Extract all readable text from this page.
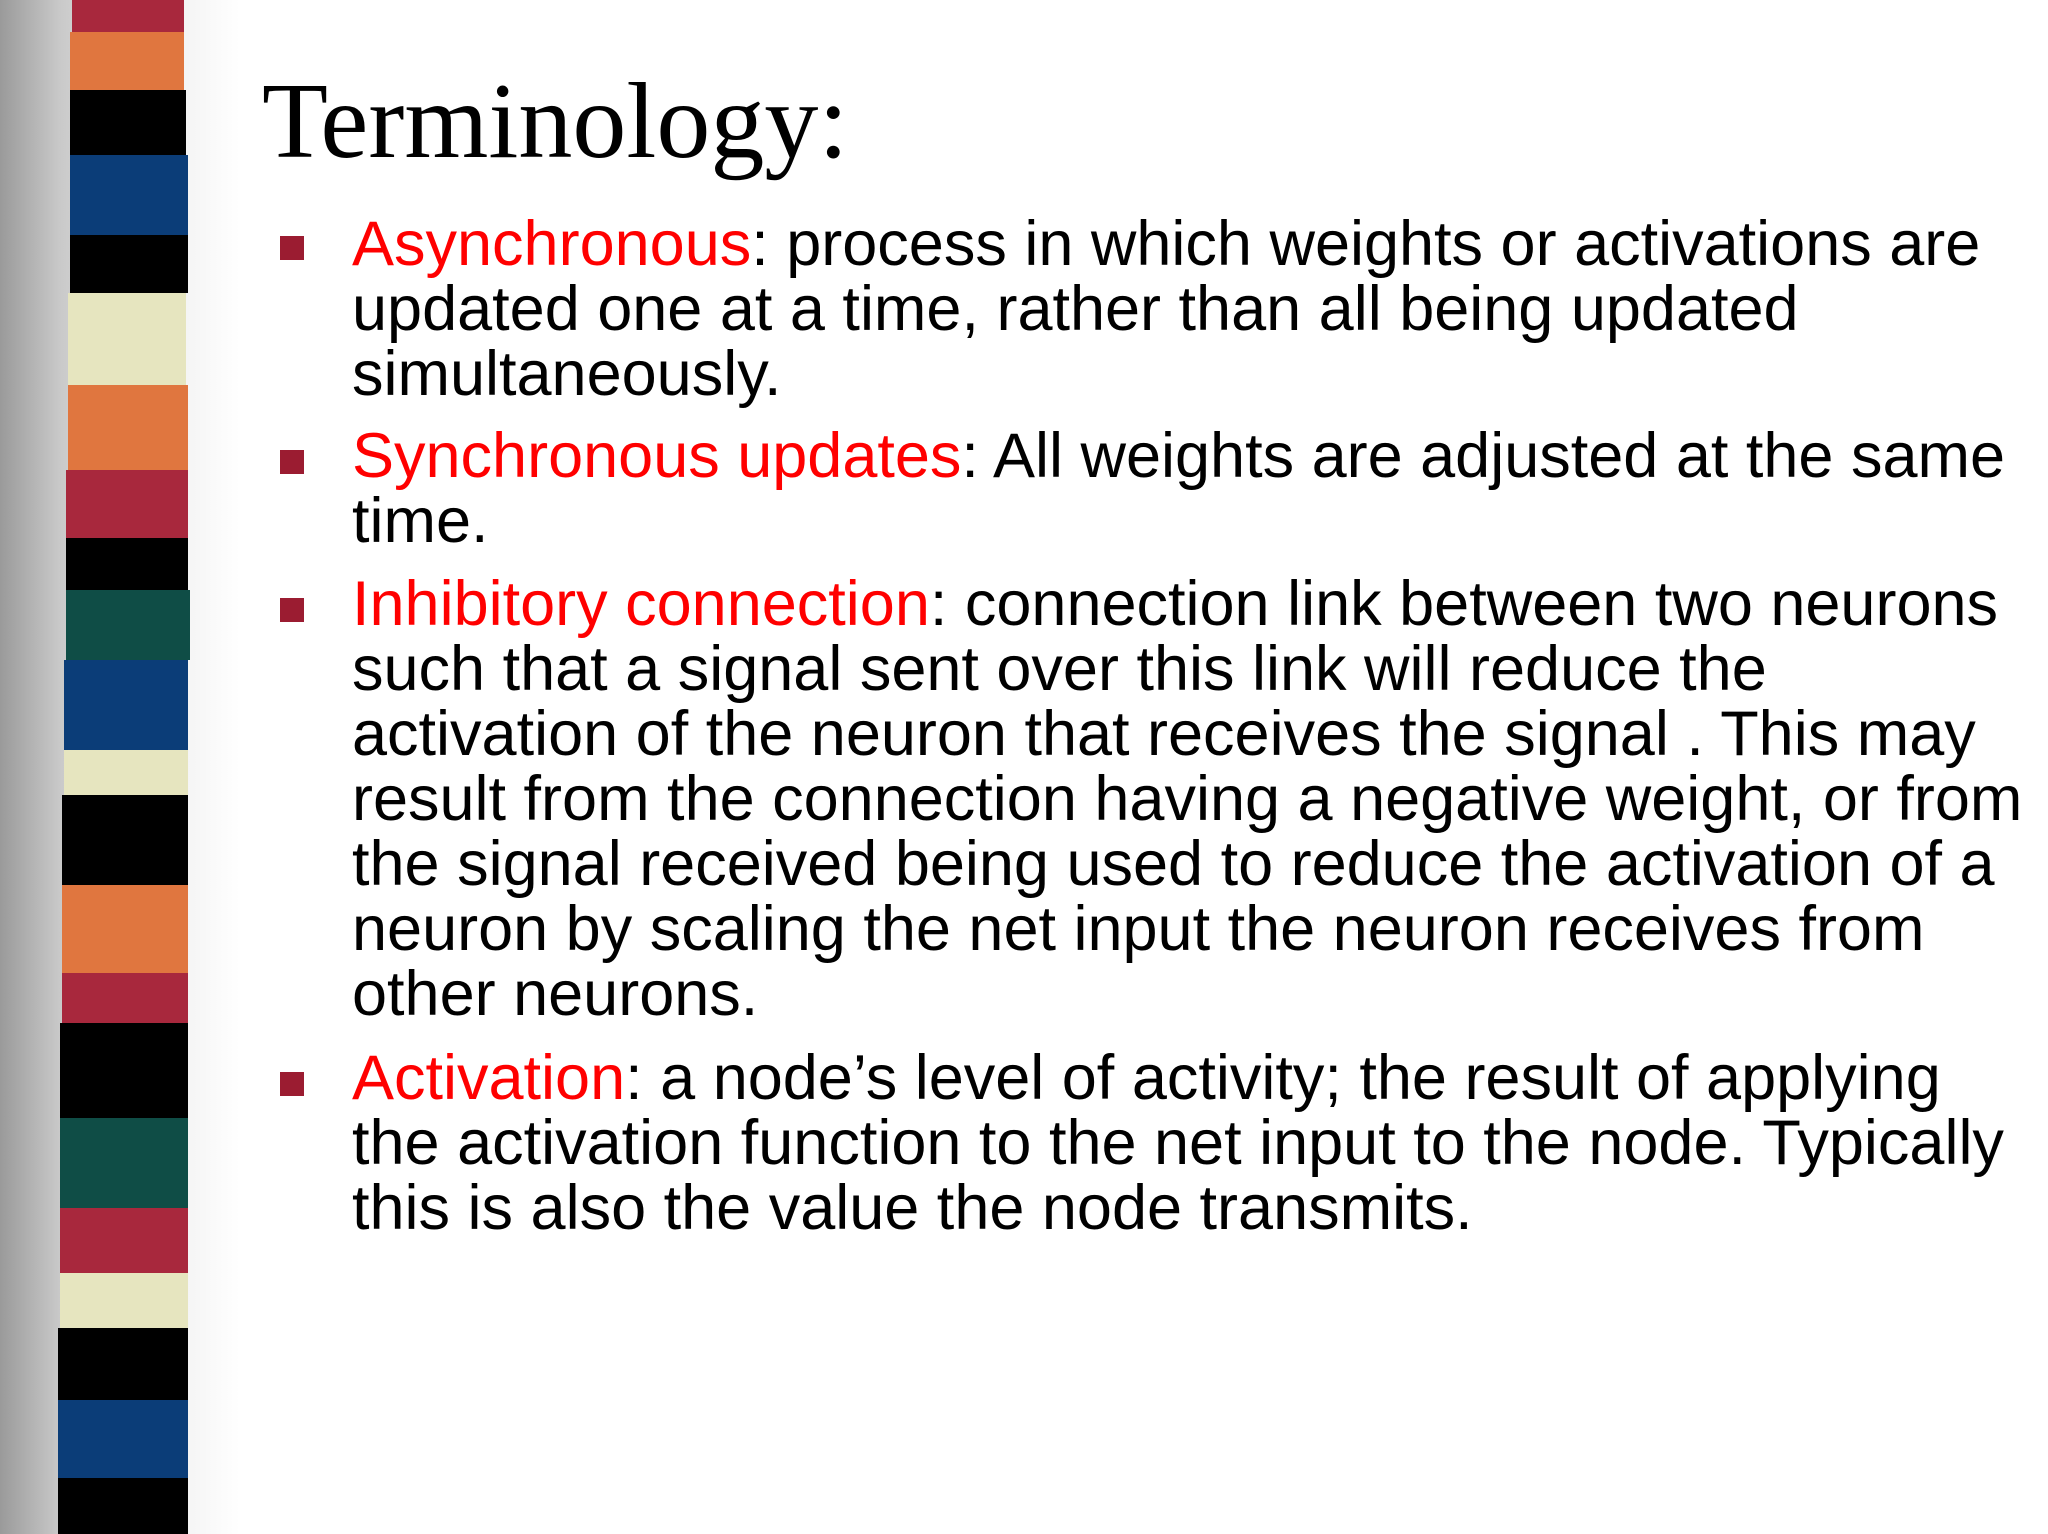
Terminology:
Asynchronous: process in which weights or activations are updated one at a time, rather than all being updated simultaneously.
Synchronous updates: All weights are adjusted at the same time.
Inhibitory connection: connection link between two neurons such that a signal sent over this link will reduce the activation of the neuron that receives the signal . This may result from the connection having a negative weight, or from the signal received being used to reduce the activation of a neuron by scaling the net input the neuron receives from other neurons.
Activation: a node’s level of activity; the result of applying the activation function to the net input to the node. Typically this is also the value the node transmits.
